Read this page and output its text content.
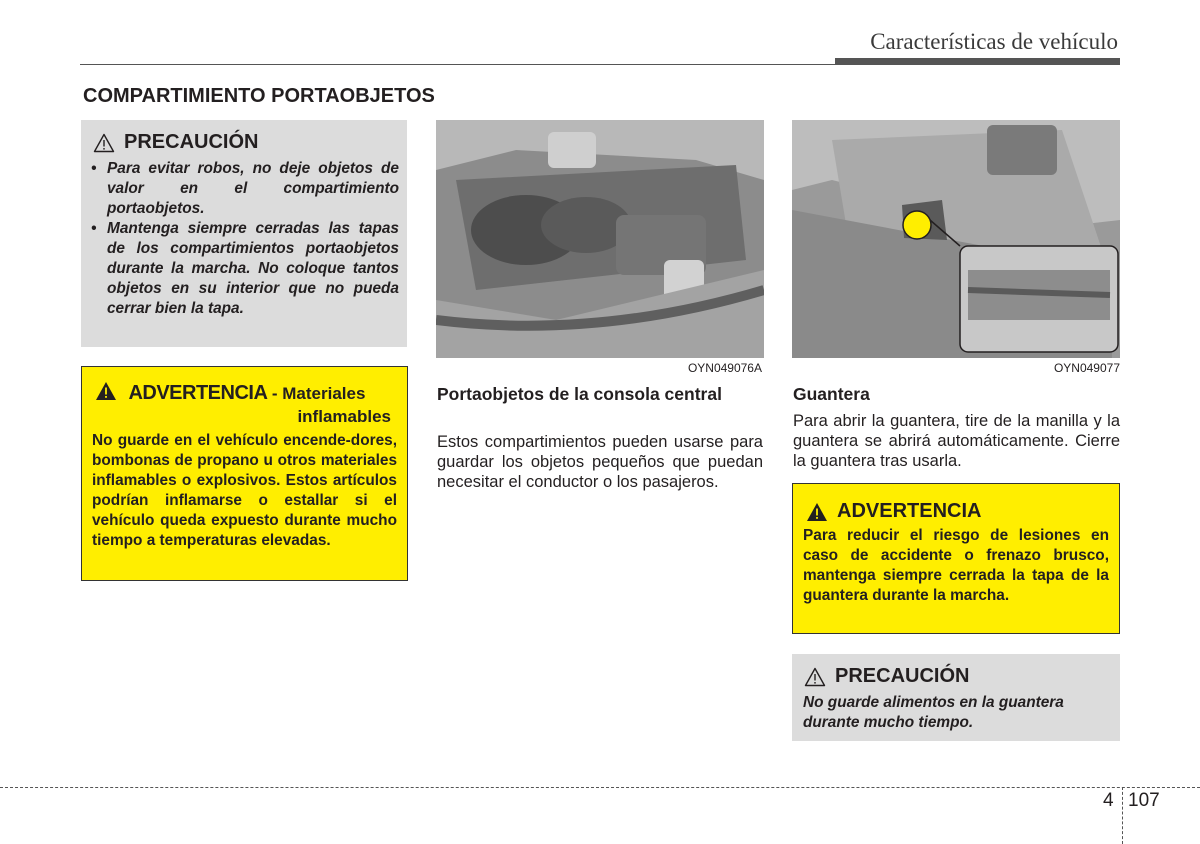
Características de vehículo
COMPARTIMIENTO PORTAOBJETOS
PRECAUCIÓN
• Para evitar robos, no deje objetos de valor en el compartimiento portaobjetos.
• Mantenga siempre cerradas las tapas de los compartimientos portaobjetos durante la marcha. No coloque tantos objetos en su interior que no pueda cerrar bien la tapa.
ADVERTENCIA - Materiales
inflamables
No guarde en el vehículo encende-dores, bombonas de propano u otros materiales inflamables o explosivos. Estos artículos podrían inflamarse o estallar si el vehículo queda expuesto durante mucho tiempo a temperaturas elevadas.
OYN049076A
Portaobjetos de la consola central
Estos compartimientos pueden usarse para guardar los objetos pequeños que puedan necesitar el conductor o los pasajeros.
OYN049077
Guantera
Para abrir la guantera, tire de la manilla y la guantera se abrirá automáticamente. Cierre la guantera tras usarla.
ADVERTENCIA
Para reducir el riesgo de lesiones en caso de accidente o frenazo brusco, mantenga siempre cerrada la tapa de la guantera durante la marcha.
PRECAUCIÓN
No guarde alimentos en la guantera durante mucho tiempo.
4 107
